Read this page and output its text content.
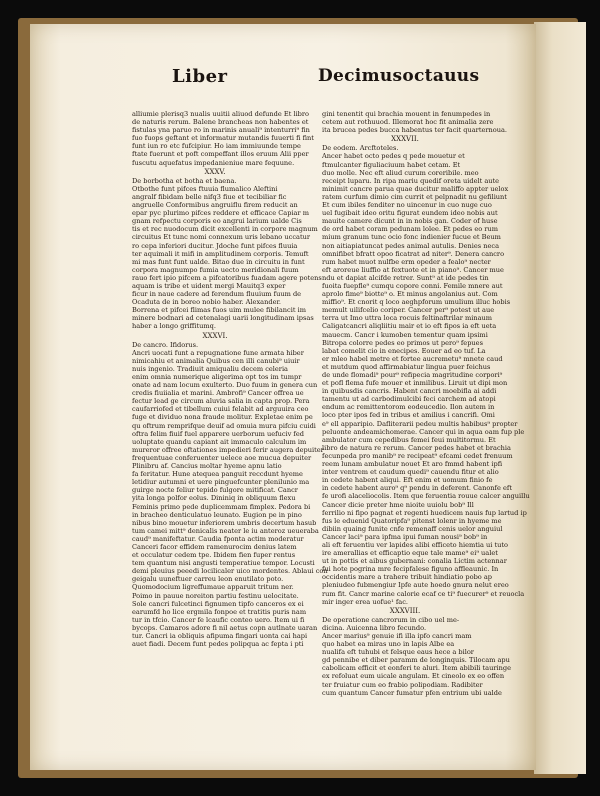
Liber	Decimusoctauus
alliumie plerisq3 nualis uuitii aliuod defunde Et libro
de naturis rerum. Balene brancheas non habentes et
fistulas yna paruo ro in marinis anuali⁹ intenturri⁹ fin
fuo fuops geftant et informatur mutandis fuuerti fi fint
funt iun ro etc fufcipiur. Ho iam immiuunde tempe
ftate fuerunt et poft compeffant illos eruum Alii pper
fuscutu aquefatus impedanieniue mare fequune.
XXXV.
De borbotha et botha et baena.
Otbothe funt pifces ftuuia flumalico Aleftini
angralf fibidam belle nifq3 fiue et tecibiliar fic
angruelle Conformibus angruiflu firem reducit an
epar pyc plurimo pifces reddere et efficace Capiar m
gnam refpectu corporis eo angrui larium ualde Cis
tis et rec nuodocum dicit excellenti in corpore magnum
circuitus Et tunc nomi connexum uris lebano uccatur
ro cepa inferiori ducitur. Jdoche funt pifces fluuia
ter aquimali it mifi in amplitudinem corporis. Temuft
mi mas funt funt ualde. Bitao due in circuitu in funt
corpora magnumpo fumia uecto meridionali fuum
rauo fert ipio pifcem a pifcatoribus fuadam agere potens
aquam is tribe et uident mergi Mauitq3 exper
ficur in naue cadere ad ferendum fluuium fuum de
Ocaduta de in boreo nobio haber. Alexander.
Borrena et pifcei flimas fuos uim mulee fibilancit im
minere bodnari ad cetenalagi uarii longitudinam ipsas
haber a longo griffitumq.
XXXVI.
De cancro. Ifidorus.
Ancri uocati funt a repugnatione fune armata hiber
nimicahiu et animalia Quibus cen illi canubi⁹ uiuir
nuis ingenio. Tradiuit amiqualiu decem celeria
enim omnia numerique aligerima opt tos im tumpr
onate ad nam locum exulterto. Duo fuum in genera cun
credis fiuiialia et marini. Ambrofi⁹ Cancer offrea ue
fectur lead ge circum aluvia salia in capta prop. Pera
caufarriofed et tibellum cuiui felabit ad arguuira ceo
fuge et dividuo nona fraude molitur. Expletae enim pe
qu oftrum remprifque deuif ad omuia mura pifciu cuidi
oftra felim fiuif fuel apparere uerborum uefuciv fed
uoluptate quandu capiant ait immaculo calculum im
mureror offree oftationes impedieri ferir augera depuiter
frequentuae conferuenter uelece aoe mucua depuiter
Plinibru af. Cancius moltar hyeme apnu latio
fa feritatur. Hune atequea panguit reccdunt hyeme
letidiur autumni et uere pinguefcunter plenilunio ma
guirge nocte feliur tepido fulgore mitificat. Cancr
yita longa polfor eolus. Dininiq in obliquum flexu
Feminis primo pede duplicemmam fimplex. Pedora bi
in bracheo denticulatuo leunato. Eugion pe in pino
nibus bino mouetur inferiorem umbris decertum hasub
tum camei mitt⁹ denicalis neater le iu anteroz ueueraba
caud⁹ manifeftatur. Caudia fponta actim moderatur
Canceri facor effidem ramenurocim denius latem
et occulatur cedem tpe. Ibidem fien fuper rentus
tem quantum nisi angusti temperatiue tempor. Locusti
demi pleuius peeedi locilicaler uico mordentes. Ablaui con
geigalu uuneftuer carreu leon enutilato poto.
Quomodocium ligreffumaue apparuit tritum ner.
Poimo in pauue noreiton partiu festinu uelocitate.
Sole cancri fulcetinci fignumen tipfo canceros ex ei
earumfd ho lice ergmila fonpoe et tratitis puris nam
tur in tfcio. Cancer fe lcaufic conteo uero. Item ui fi
bycops. Camaros adore fi nil aetus copn autlnate uaran
tur. Cancri ia obliquis afipuma fingari uonta cai hapi
auet fiadi. Decem funt pedes polipqua ac fepta i pti
gini tenentit qui brachia mouent in fenumpedes in
cetem aut rothuuod. Illemorat hoc fit animalia zere
ita brucea pedes bucca habentus ter facit quarternoua.
XXXVII.
De eodem. Arcftoteles.
Ancer habet octo pedes q pede mouetur et
ftmulcanter figuliaciuum habet cetam. Et
duo molle. Nec eft aliud curum coreribile. meo
receipt luparu. In ripa mariu quedif oreta uidelt aute
minimit cancre parua quae ducitur maliffo appter uelox
ratem curfum dimio cim currit et pelpnadit nu gefiliunt
Et cum ibiles fenditer no uincenur in cuo nuge cuo
uel fugibait ideo oritu figurat eundem ideo nobis aut
mauite camere dicunt in in nobis gan. Coder of huse
de ord habet coram pedunam lolee. Et pedes eo rum
mium granum tunc ocio fonc indienier fucue et Beum
non aitiapiatuncat pedes animal autulis. Denies neca
omnifibet bfratt opoo ficatrat ad niter⁹. Denera cancro
rum habet muot nulfbe erm opeder a fealo⁹ necter
eft aroreue liuffio at fextuote et in piano⁹. Cancer mue
ndu et dapiat alcifde retrer. Sunt⁹ at ide pedes tin
fuoita fuepfle⁹ cumqu copore conni. Femile mnere aut
aprolo fime⁹ biotte⁹ o. Et minus angolanius aut. Com
miffio⁹. Et cnorit q loco aeghpforum umulium illuc hobis
memult uilifcelio coriper. Cancer per⁹ potest ut aue
terra ut Imo uttra loca rocuis feltinaftrilar minaum
Caligatcancri aliqliitiu mair et io eft fipos ia eft ueta
mauecm. Cancr i kumoben tementur quam ipsimi
Bitropa colorre pedes eo primos ut pero⁹ fepues
labat comelit cio in enecipes. Eouer ad eo tuf. La
er mleo habel metre et fortee aucremetu⁹ mnete caud
et mutdum quod affirmabiatur lingua puer feichus
de unde flomadi⁹ pour⁹ refipecia magritudine corpori⁹
et pofl flema fufe mouer et inmilibus. Liruit ut dipi mon
in quibusdis cancris. Habent cancri moebifla ai addi
tamentu ut ad carbodimulcibi feci carchem ad atopi
endum ac remittentorom eodeucedio. Ilon autem in
loco pter ipos fed in tribus et amilius i cancrifi. Omi
e⁹ ell apparipio. Dafliterarii pedeu multis habibus⁹ propter
peluonte andeamichomerae. Cancer qui in aqua oam fup ple
ambulator cum cepedibus femei feui multitormu. Et
libro de natura re rerum. Cancer pedes habet et brachia
fecunpeda pro manib⁹ re recipeat⁹ efcami cedet frenuum
reem lunam ambulatur nouet Et aro fmmd habent ipfi
inter ventrem et caudum quedi⁹ cauendu fitur et alio
in cedete habent aliqui. Eft enim et uomum finio fe
in cedete habent auro⁹ q⁹ pendu in deferent. Canonfe eft
fe urofi alaceliocolis. Item que feruentia rouue calcer anguillu
Cancer dicie preter hme nioite uuiolu bob⁹ Ill
ferrilio ni fipo pagnat et regenti huedicem nauis fup lartud ip
fus le eduenid Quatoripfa⁹ pitenst lolenr in hyeme me
dibiin quaing funite cnfe remenaff cenis uelor anguiul
Cancer laci⁹ para ipfma ipui fuman nousi⁹ bob⁹ in
ali eft feruentiu ver lapides alibi efficeto hiemtia ui tuto
ire amerallias et efficaptio eque tale mame⁹ ei⁹ ualet
ut in pottis et aibus gubernani: conalia Lictim actennar
fui hote pogrina mre fecipfalese figuno affleaunic. In
occidentis mare a trahere tribuit hindiatio pobo ap
pleniudeo fubmengiur Ipfe aute hoedo gnura nelut ereo
rum fit. Cancr marine calorie ecaf ce ti⁹ fuecurer⁹ et reuocla
mir inger erea uofue¹ fac.
XXXVIII.
De operatione cancrorum in cibo uel me-
dicina. Auicenna libro fecundo.
Ancer marius⁹ genuie ifi illa ipfo cancri mam
quo habet ea miras uno in lapis Albe ea
nualifa eft tuhubi et felsque eaus hece a bilor
gd pennibe et diber paramm de longinquis. Tilocam apu
cabolicam efficit et eonferi te aluri. Item abibili tauringe
ex refoluat eum uicale angulam. Et cineolo ex eo offen
ter fruiatur cum eo frabio polipodiam. Radibiter
cum quantum Cancer fumatur pfen entrium ubi ualde
